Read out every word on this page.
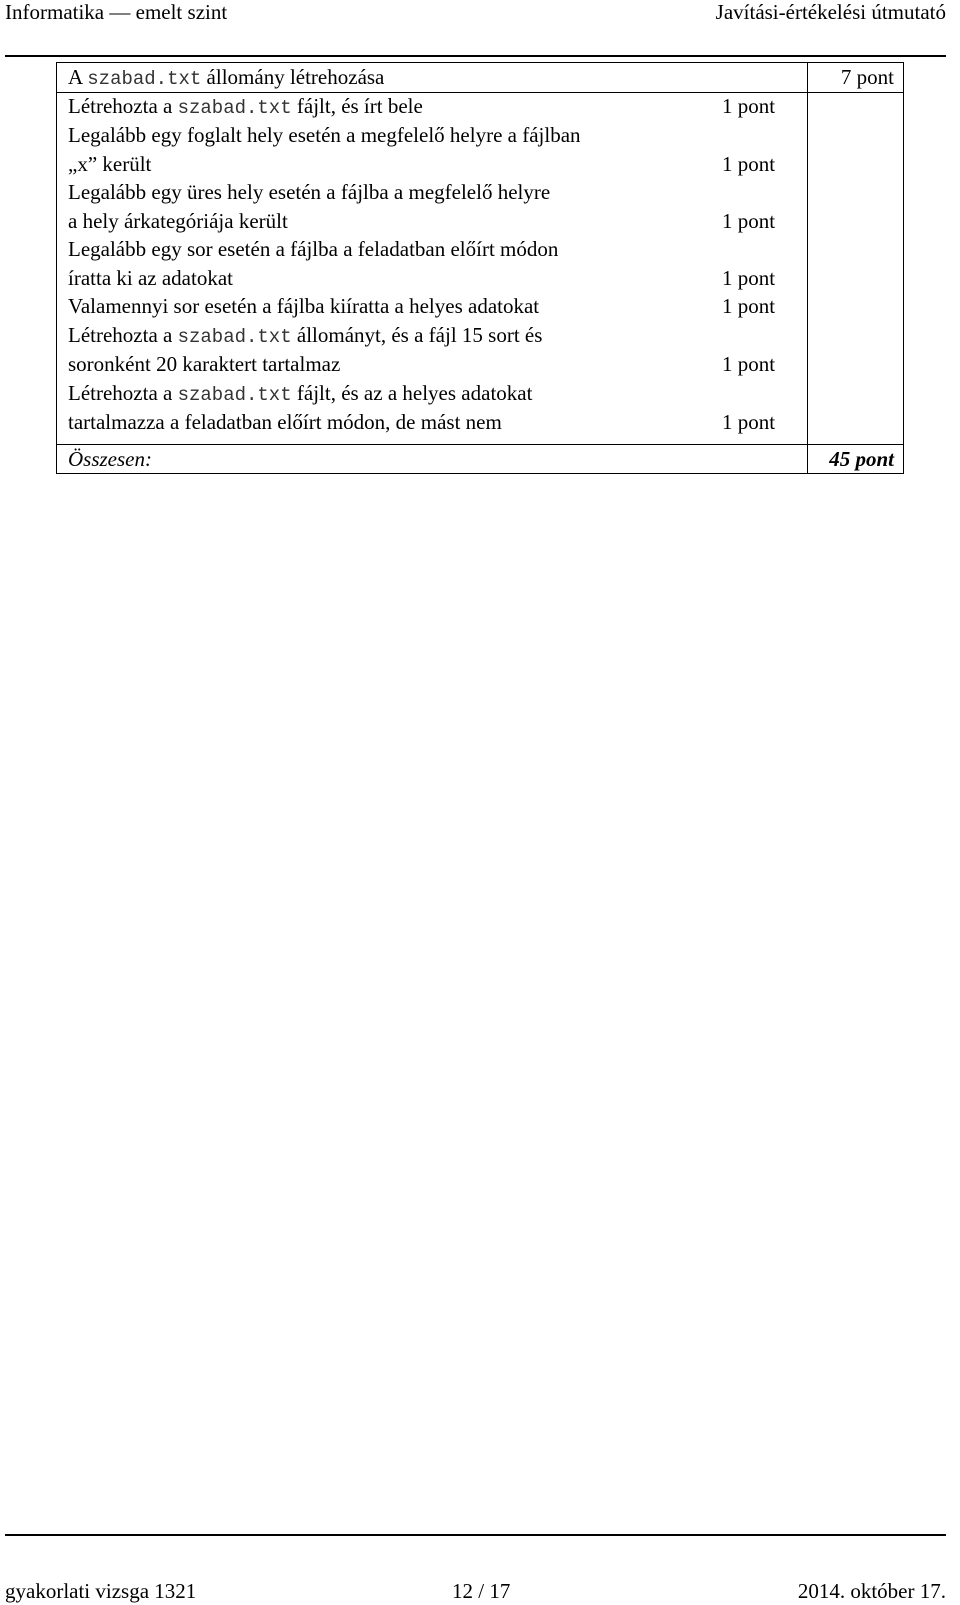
Informatika — emelt szint	Javítási-értékelési útmutató
A szabad.txt állomány létrehozása	7 pont
Létrehozta a szabad.txt fájlt, és írt bele	1 pont
Legalább egy foglalt hely esetén a megfelelő helyre a fájlban
„x” került	1 pont
Legalább egy üres hely esetén a fájlba a megfelelő helyre
a hely árkategóriája került	1 pont
Legalább egy sor esetén a fájlba a feladatban előírt módon
íratta ki az adatokat	1 pont
Valamennyi sor esetén a fájlba kiíratta a helyes adatokat	1 pont
Létrehozta a szabad.txt állományt, és a fájl 15 sort és
soronként 20 karaktert tartalmaz	1 pont
Létrehozta a szabad.txt fájlt, és az a helyes adatokat
tartalmazza a feladatban előírt módon, de mást nem	1 pont
Összesen:	45 pont
gyakorlati vizsga 1321	12 / 17	2014. október 17.
